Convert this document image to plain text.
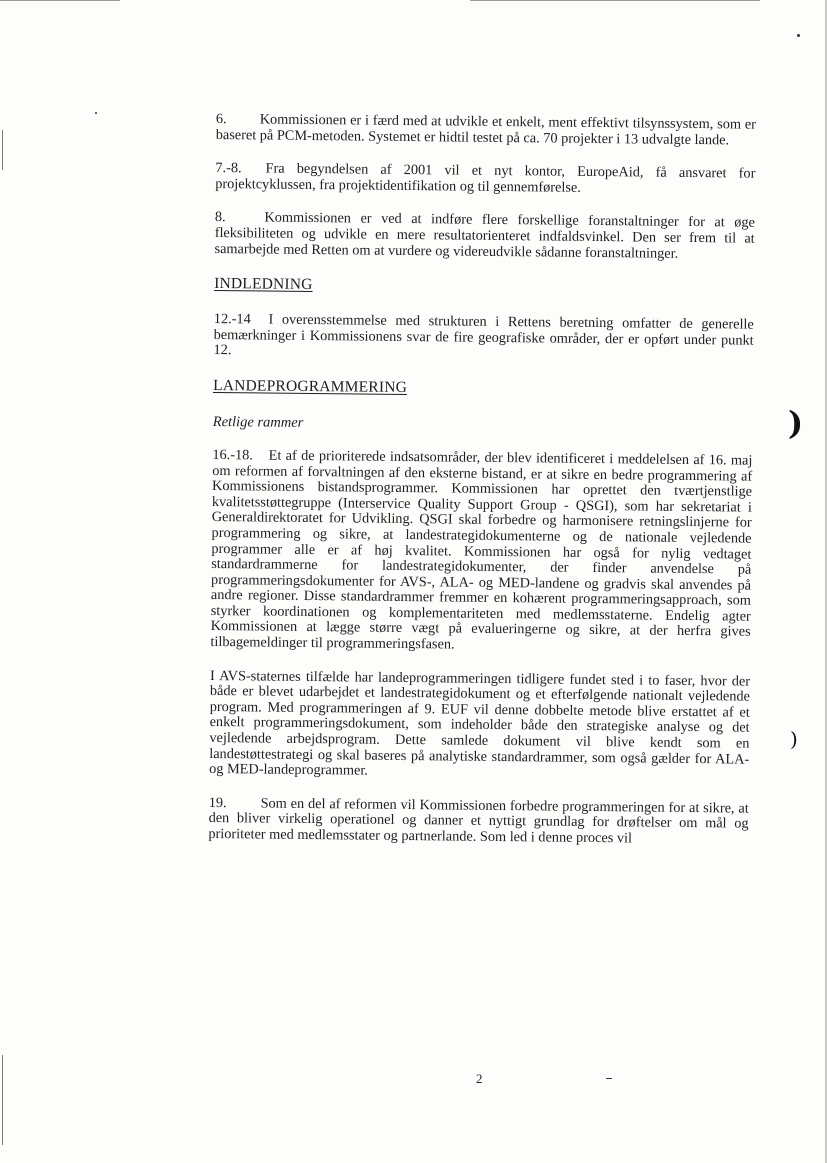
)
)

6. Kommissionen er i færd med at udvikle et enkelt, ment effektivt tilsynssystem, som er baseret på PCM-metoden. Systemet er hidtil testet på ca. 70 projekter i 13 udvalgte lande.

7.-8. Fra begyndelsen af 2001 vil et nyt kontor, EuropeAid, få ansvaret for projektcyklussen, fra projektidentifikation og til gennemførelse.

8.	Kommissionen er ved at indføre flere forskellige foranstaltninger for at øge fleksibiliteten og udvikle en mere resultatorienteret indfaldsvinkel. Den ser frem til at samarbejde med Retten om at vurdere og videreudvikle sådanne foranstaltninger.

INDLEDNING

12.-14 I overensstemmelse med strukturen i Rettens beretning omfatter de generelle bemærkninger i Kommissionens svar de fire geografiske områder, der er opført under punkt 12.

LANDEPROGRAMMERING
Retlige rammer

16.-18. Et af de prioriterede indsatsområder, der blev identificeret i meddelelsen af 16. maj om reformen af forvaltningen af den eksterne bistand, er at sikre en bedre programmering af Kommissionens bistandsprogrammer. Kommissionen har oprettet den tværtjenstlige kvalitetsstøttegruppe (Interservice Quality Support Group - QSGI), som har sekretariat i Generaldirektoratet for Udvikling. QSGI skal forbedre og harmonisere retningslinjerne for programmering og sikre, at landestrategidokumenterne og de nationale vejledende programmer alle er af høj kvalitet. Kommissionen har også for nylig vedtaget standardrammerne for landestrategidokumenter, der finder anvendelse på programmeringsdokumenter for AVS-, ALA- og MED-landene og gradvis skal anvendes på andre regioner. Disse standardrammer fremmer en kohærent programmeringsapproach, som styrker koordinationen og komplementariteten med medlemsstaterne. Endelig agter Kommissionen at lægge større vægt på evalueringerne og sikre, at der herfra gives tilbagemeldinger til programmeringsfasen.

I AVS-staternes tilfælde har landeprogrammeringen tidligere fundet sted i to faser, hvor der både er blevet udarbejdet et landestrategidokument og et efterfølgende nationalt vejledende program. Med programmeringen af 9. EUF vil denne dobbelte metode blive erstattet af et enkelt programmeringsdokument, som indeholder både den strategiske analyse og det vejledende arbejdsprogram. Dette samlede dokument vil blive kendt som en landestøttestrategi og skal baseres på analytiske standardrammer, som også gælder for ALA- og MED-landeprogrammer.

19. Som en del af reformen vil Kommissionen forbedre programmeringen for at sikre, at den bliver virkelig operationel og danner et nyttigt grundlag for drøftelser om mål og prioriteter med medlemsstater og partnerlande. Som led i denne proces vil

2
